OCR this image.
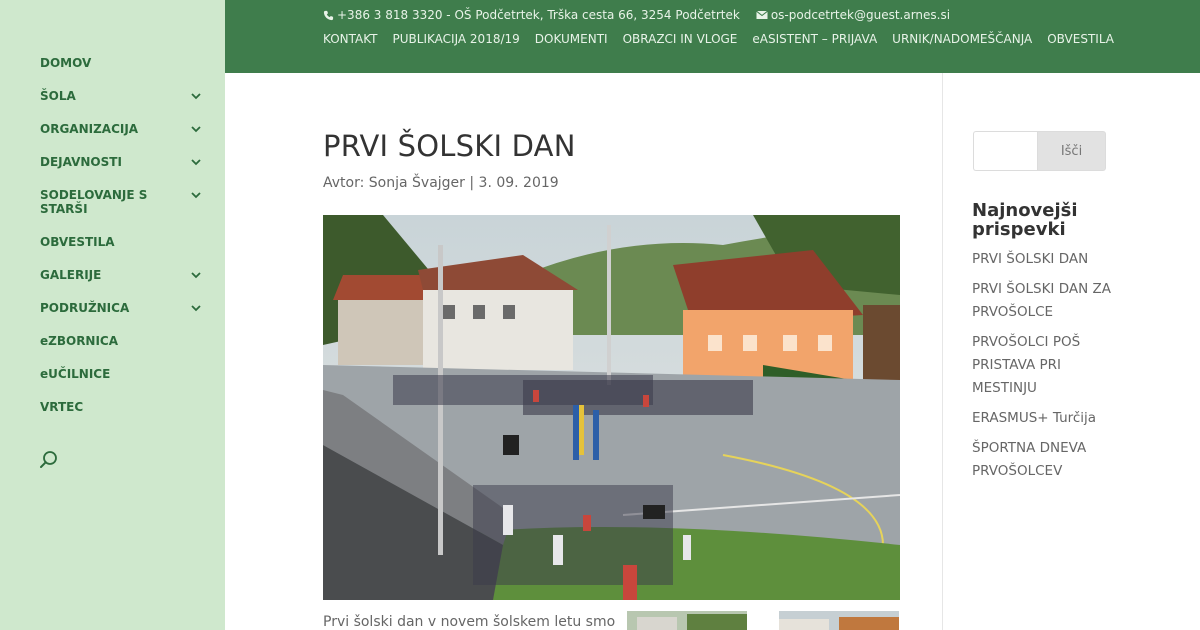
DOMOV
ŠOLA
ORGANIZACIJA
DEJAVNOSTI
SODELOVANJE S STARŠI
OBVESTILA
GALERIJE
PODRUŽNICA
eZBORNICA
eUČILNICE
VRTEC
+386 3 818 3320 - OŠ Podčetrtek, Trška cesta 66, 3254 Podčetrtek	os-podcetrtek@guest.arnes.si
KONTAKT PUBLIKACIJA 2018/19 DOKUMENTI OBRAZCI IN VLOGE eASISTENT – PRIJAVA URNIK/NADOMEŠČANJA OBVESTILA
PRVI ŠOLSKI DAN
Avtor: Sonja Švajger | 3. 09. 2019

Prvi šolski dan v novem šolskem letu smo

Išči
Najnovejši prispevki
PRVI ŠOLSKI DAN
PRVI ŠOLSKI DAN ZA PRVOŠOLCE
PRVOŠOLCI POŠ PRISTAVA PRI MESTINJU
ERASMUS+ Turčija
ŠPORTNA DNEVA PRVOŠOLCEV
